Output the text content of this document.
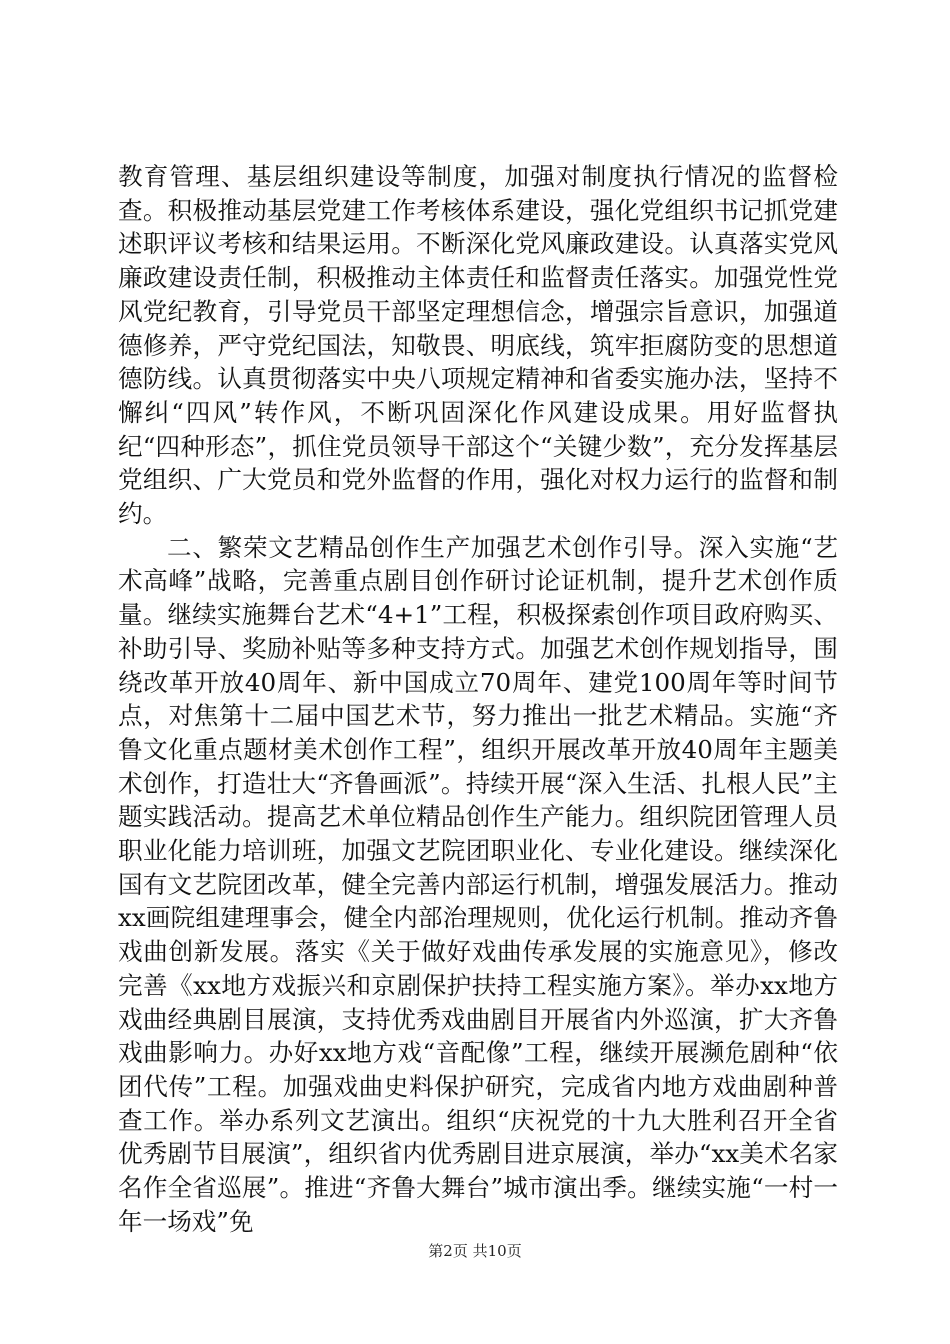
教育管理、基层组织建设等制度，加强对制度执行情况的监督检查。积极推动基层党建工作考核体系建设，强化党组织书记抓党建述职评议考核和结果运用。不断深化党风廉政建设。认真落实党风廉政建设责任制，积极推动主体责任和监督责任落实。加强党性党风党纪教育，引导党员干部坚定理想信念，增强宗旨意识，加强道德修养，严守党纪国法，知敬畏、明底线，筑牢拒腐防变的思想道德防线。认真贯彻落实中央八项规定精神和省委实施办法，坚持不懈纠“四风”转作风，不断巩固深化作风建设成果。用好监督执纪“四种形态”，抓住党员领导干部这个“关键少数”，充分发挥基层党组织、广大党员和党外监督的作用，强化对权力运行的监督和制约。

二、繁荣文艺精品创作生产加强艺术创作引导。深入实施“艺术高峰”战略，完善重点剧目创作研讨论证机制，提升艺术创作质量。继续实施舞台艺术“4+1”工程，积极探索创作项目政府购买、补助引导、奖励补贴等多种支持方式。加强艺术创作规划指导，围绕改革开放40周年、新中国成立70周年、建党100周年等时间节点，对焦第十二届中国艺术节，努力推出一批艺术精品。实施“齐鲁文化重点题材美术创作工程”，组织开展改革开放40周年主题美术创作，打造壮大“齐鲁画派”。持续开展“深入生活、扎根人民”主题实践活动。提高艺术单位精品创作生产能力。组织院团管理人员职业化能力培训班，加强文艺院团职业化、专业化建设。继续深化国有文艺院团改革，健全完善内部运行机制，增强发展活力。推动xx画院组建理事会，健全内部治理规则，优化运行机制。推动齐鲁戏曲创新发展。落实《关于做好戏曲传承发展的实施意见》，修改完善《xx地方戏振兴和京剧保护扶持工程实施方案》。举办xx地方戏曲经典剧目展演，支持优秀戏曲剧目开展省内外巡演，扩大齐鲁戏曲影响力。办好xx地方戏“音配像”工程，继续开展濒危剧种“依团代传”工程。加强戏曲史料保护研究，完成省内地方戏曲剧种普查工作。举办系列文艺演出。组织“庆祝党的十九大胜利召开全省优秀剧节目展演”，组织省内优秀剧目进京展演，举办“xx美术名家名作全省巡展”。推进“齐鲁大舞台”城市演出季。继续实施“一村一年一场戏”免

第2页 共10页
